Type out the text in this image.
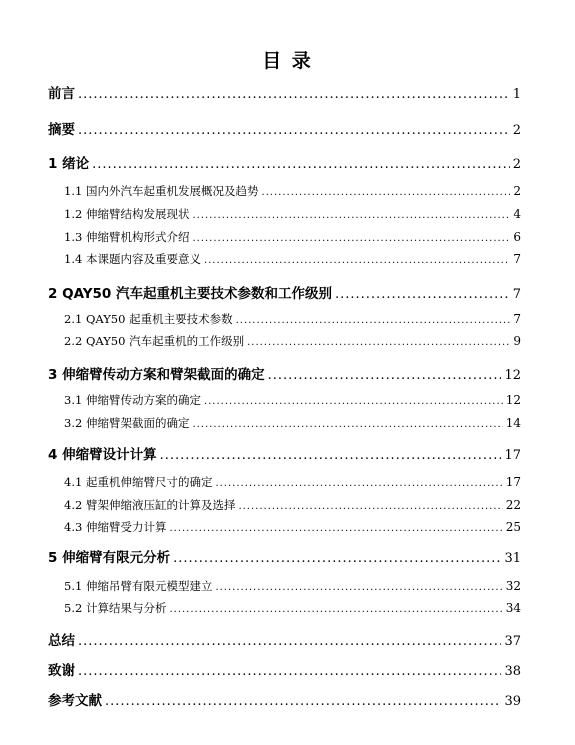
目 录
前言 .....	1
摘要 .....	2
1 绪论 .....	2
1.1 国内外汽车起重机发展概况及趋势 .....	2
1.2 伸缩臂结构发展现状 .....	4
1.3 伸缩臂机构形式介绍 .....	6
1.4 本课题内容及重要意义 .....	7
2 QAY50 汽车起重机主要技术参数和工作级别 .....	7
2.1 QAY50 起重机主要技术参数 .....	7
2.2 QAY50 汽车起重机的工作级别 .....	9
3 伸缩臂传动方案和臂架截面的确定 .....	12
3.1 伸缩臂传动方案的确定 .....	12
3.2 伸缩臂架截面的确定 .....	14
4 伸缩臂设计计算 .....	17
4.1 起重机伸缩臂尺寸的确定 .....	17
4.2 臂架伸缩液压缸的计算及选择 .....	22
4.3 伸缩臂受力计算 .....	25
5 伸缩臂有限元分析 .....	31
5.1 伸缩吊臂有限元模型建立 .....	32
5.2 计算结果与分析 .....	34
总结 .....	37
致谢 .....	38
参考文献 .....	39
